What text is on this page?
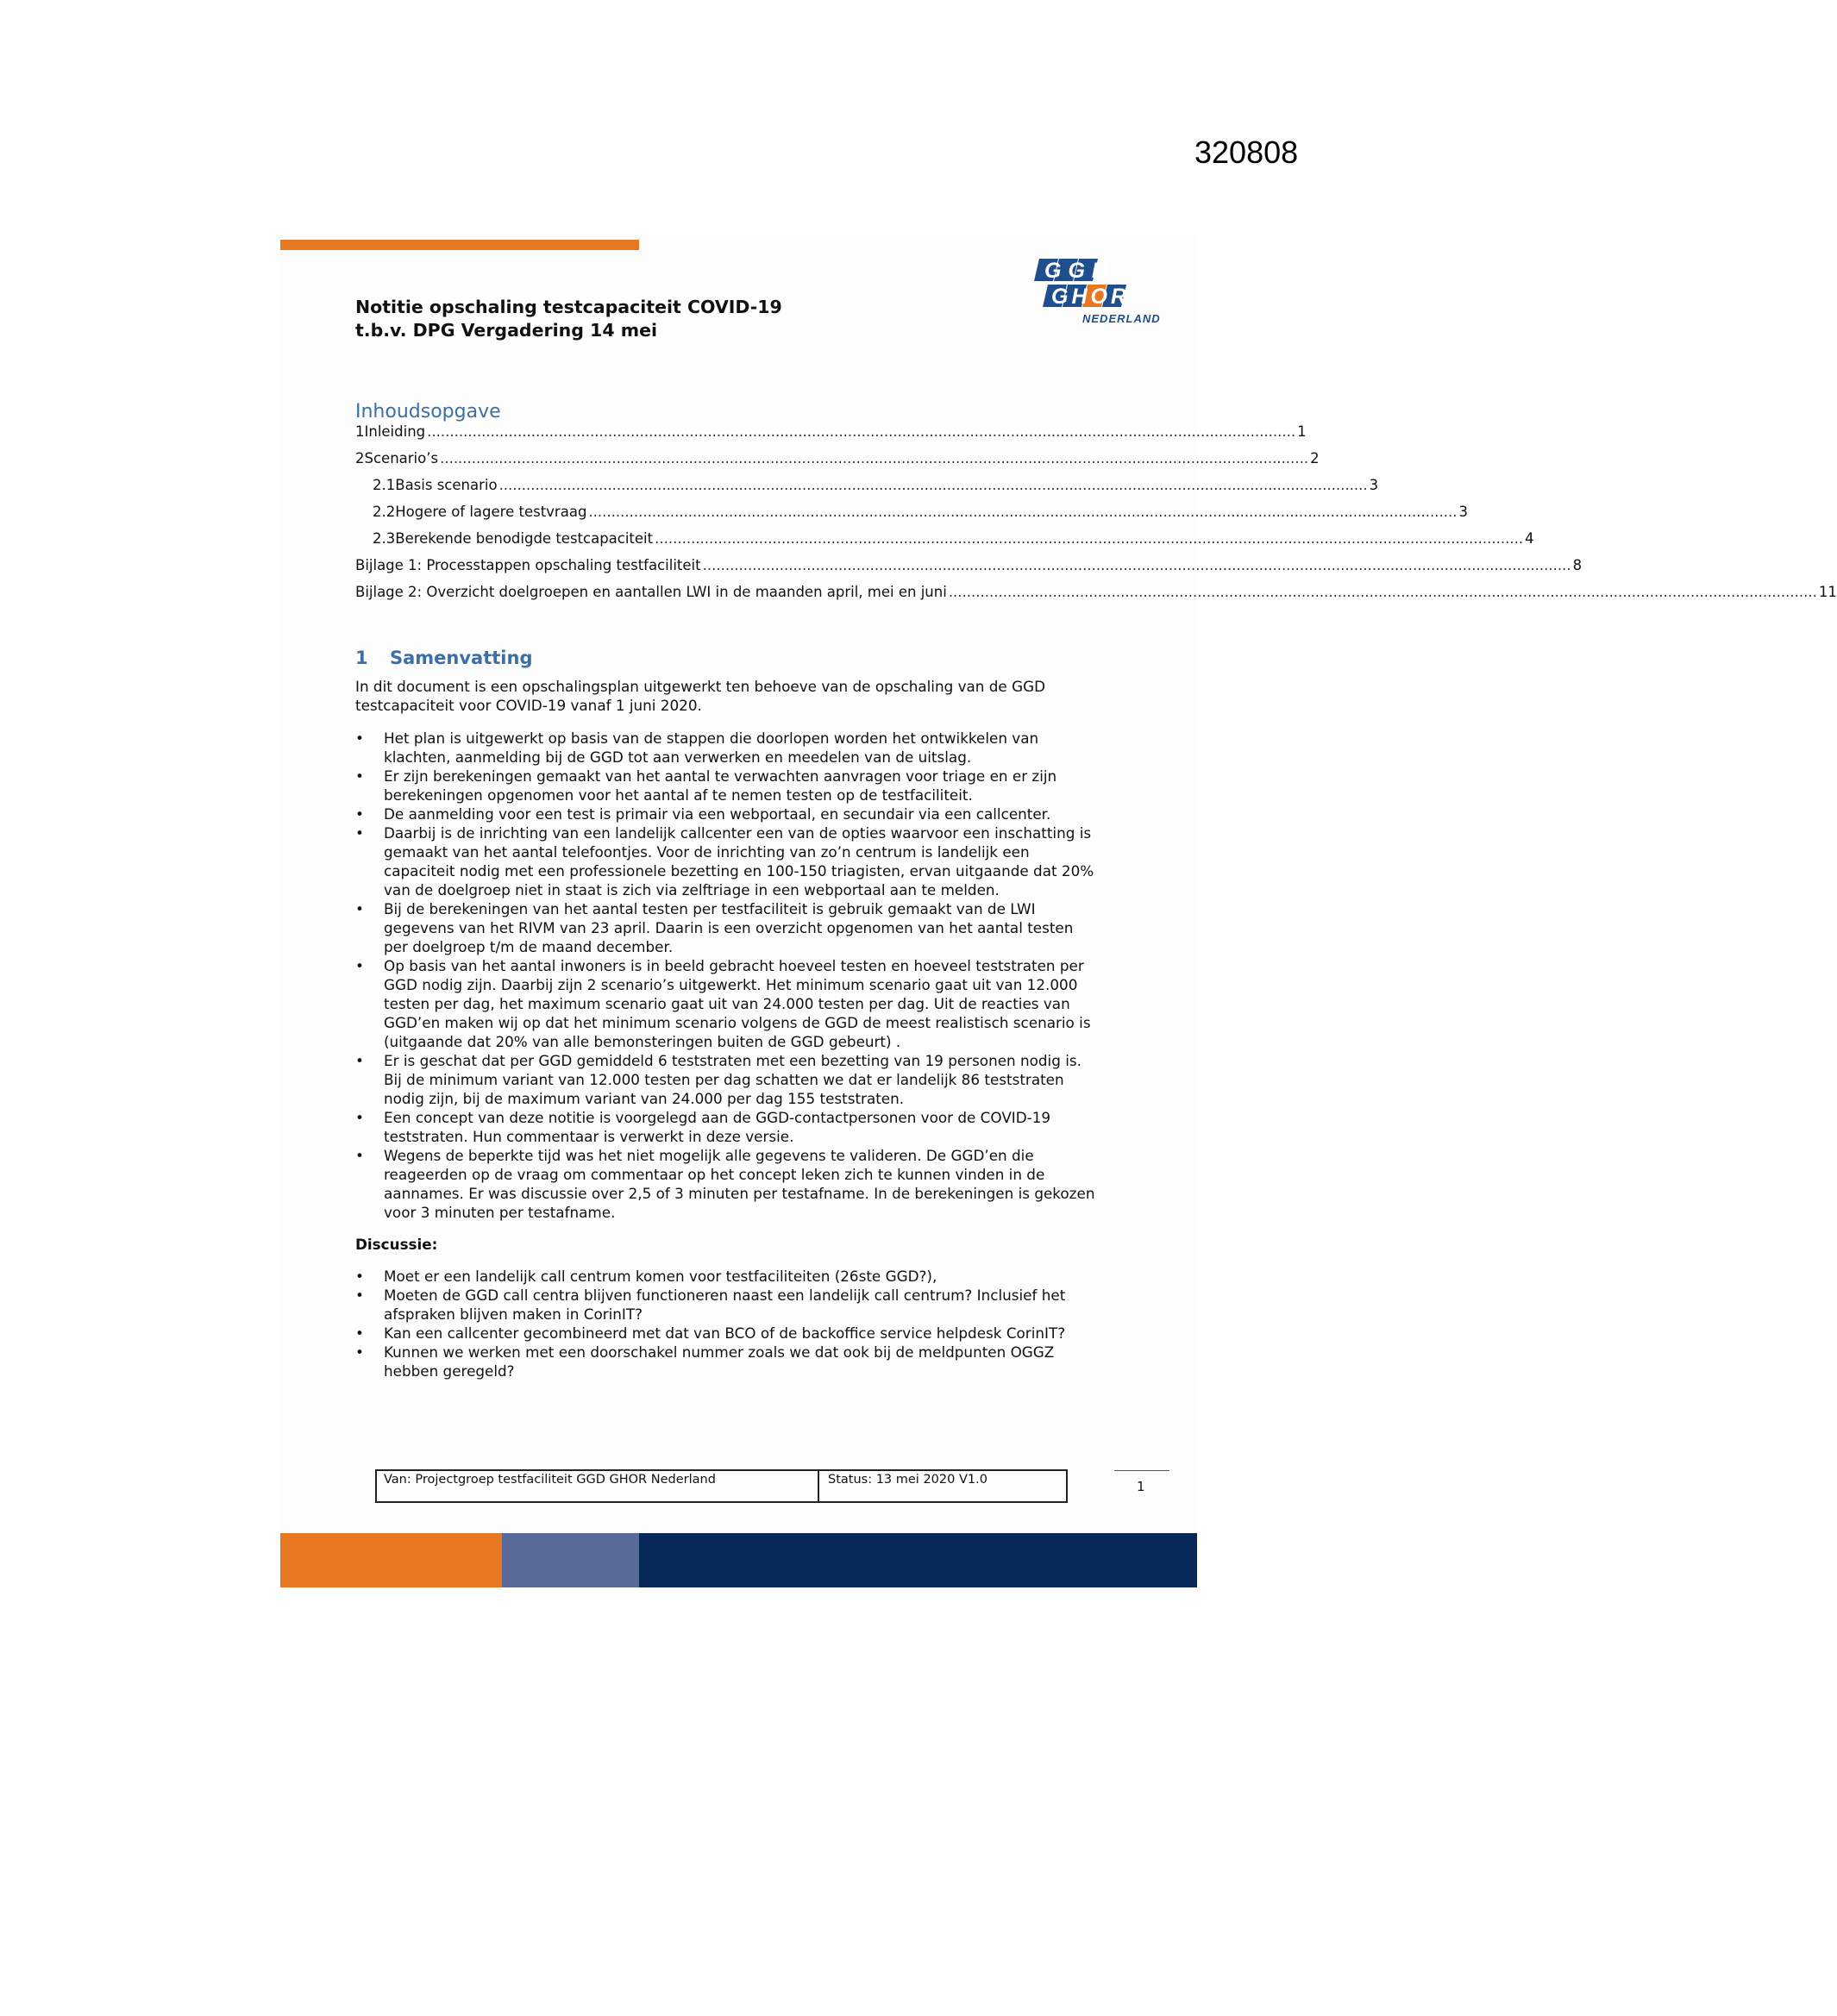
320808
GGD
GHOR
NEDERLAND
Notitie opschaling testcapaciteit COVID-19
t.b.v. DPG Vergadering 14 mei
Inhoudsopgave
1 Inleiding ................................................................................................................................................................................................ 1
2 Scenario’s ................................................................................................................................................................................................ 2
2.1 Basis scenario ................................................................................................................................................................................................ 3
2.2 Hogere of lagere testvraag ................................................................................................................................................................................................ 3
2.3 Berekende benodigde testcapaciteit ................................................................................................................................................................................................ 4
Bijlage 1: Processtappen opschaling testfaciliteit ................................................................................................................................................................................................ 8
Bijlage 2: Overzicht doelgroepen en aantallen LWI in de maanden april, mei en juni ................................................................................................................................................................................................ 11
1 Samenvatting
In dit document is een opschalingsplan uitgewerkt ten behoeve van de opschaling van de GGD testcapaciteit voor COVID-19 vanaf 1 juni 2020.
• Het plan is uitgewerkt op basis van de stappen die doorlopen worden het ontwikkelen van klachten, aanmelding bij de GGD tot aan verwerken en meedelen van de uitslag.
• Er zijn berekeningen gemaakt van het aantal te verwachten aanvragen voor triage en er zijn berekeningen opgenomen voor het aantal af te nemen testen op de testfaciliteit.
• De aanmelding voor een test is primair via een webportaal, en secundair via een callcenter.
• Daarbij is de inrichting van een landelijk callcenter een van de opties waarvoor een inschatting is gemaakt van het aantal telefoontjes. Voor de inrichting van zo’n centrum is landelijk een capaciteit nodig met een professionele bezetting en 100-150 triagisten, ervan uitgaande dat 20% van de doelgroep niet in staat is zich via zelftriage in een webportaal aan te melden.
• Bij de berekeningen van het aantal testen per testfaciliteit is gebruik gemaakt van de LWI gegevens van het RIVM van 23 april. Daarin is een overzicht opgenomen van het aantal testen per doelgroep t/m de maand december.
• Op basis van het aantal inwoners is in beeld gebracht hoeveel testen en hoeveel teststraten per GGD nodig zijn. Daarbij zijn 2 scenario’s uitgewerkt. Het minimum scenario gaat uit van 12.000 testen per dag, het maximum scenario gaat uit van 24.000 testen per dag. Uit de reacties van GGD’en maken wij op dat het minimum scenario volgens de GGD de meest realistisch scenario is (uitgaande dat 20% van alle bemonsteringen buiten de GGD gebeurt) .
• Er is geschat dat per GGD gemiddeld 6 teststraten met een bezetting van 19 personen nodig is. Bij de minimum variant van 12.000 testen per dag schatten we dat er landelijk 86 teststraten nodig zijn, bij de maximum variant van 24.000 per dag 155 teststraten.
• Een concept van deze notitie is voorgelegd aan de GGD-contactpersonen voor de COVID-19 teststraten. Hun commentaar is verwerkt in deze versie.
• Wegens de beperkte tijd was het niet mogelijk alle gegevens te valideren. De GGD’en die reageerden op de vraag om commentaar op het concept leken zich te kunnen vinden in de aannames. Er was discussie over 2,5 of 3 minuten per testafname. In de berekeningen is gekozen voor 3 minuten per testafname.
Discussie:
• Moet er een landelijk call centrum komen voor testfaciliteiten (26ste GGD?),
• Moeten de GGD call centra blijven functioneren naast een landelijk call centrum? Inclusief het afspraken blijven maken in CorinIT?
• Kan een callcenter gecombineerd met dat van BCO of de backoffice service helpdesk CorinIT?
• Kunnen we werken met een doorschakel nummer zoals we dat ook bij de meldpunten OGGZ hebben geregeld?
Van: Projectgroep testfaciliteit GGD GHOR Nederland	Status: 13 mei 2020 V1.0	1
